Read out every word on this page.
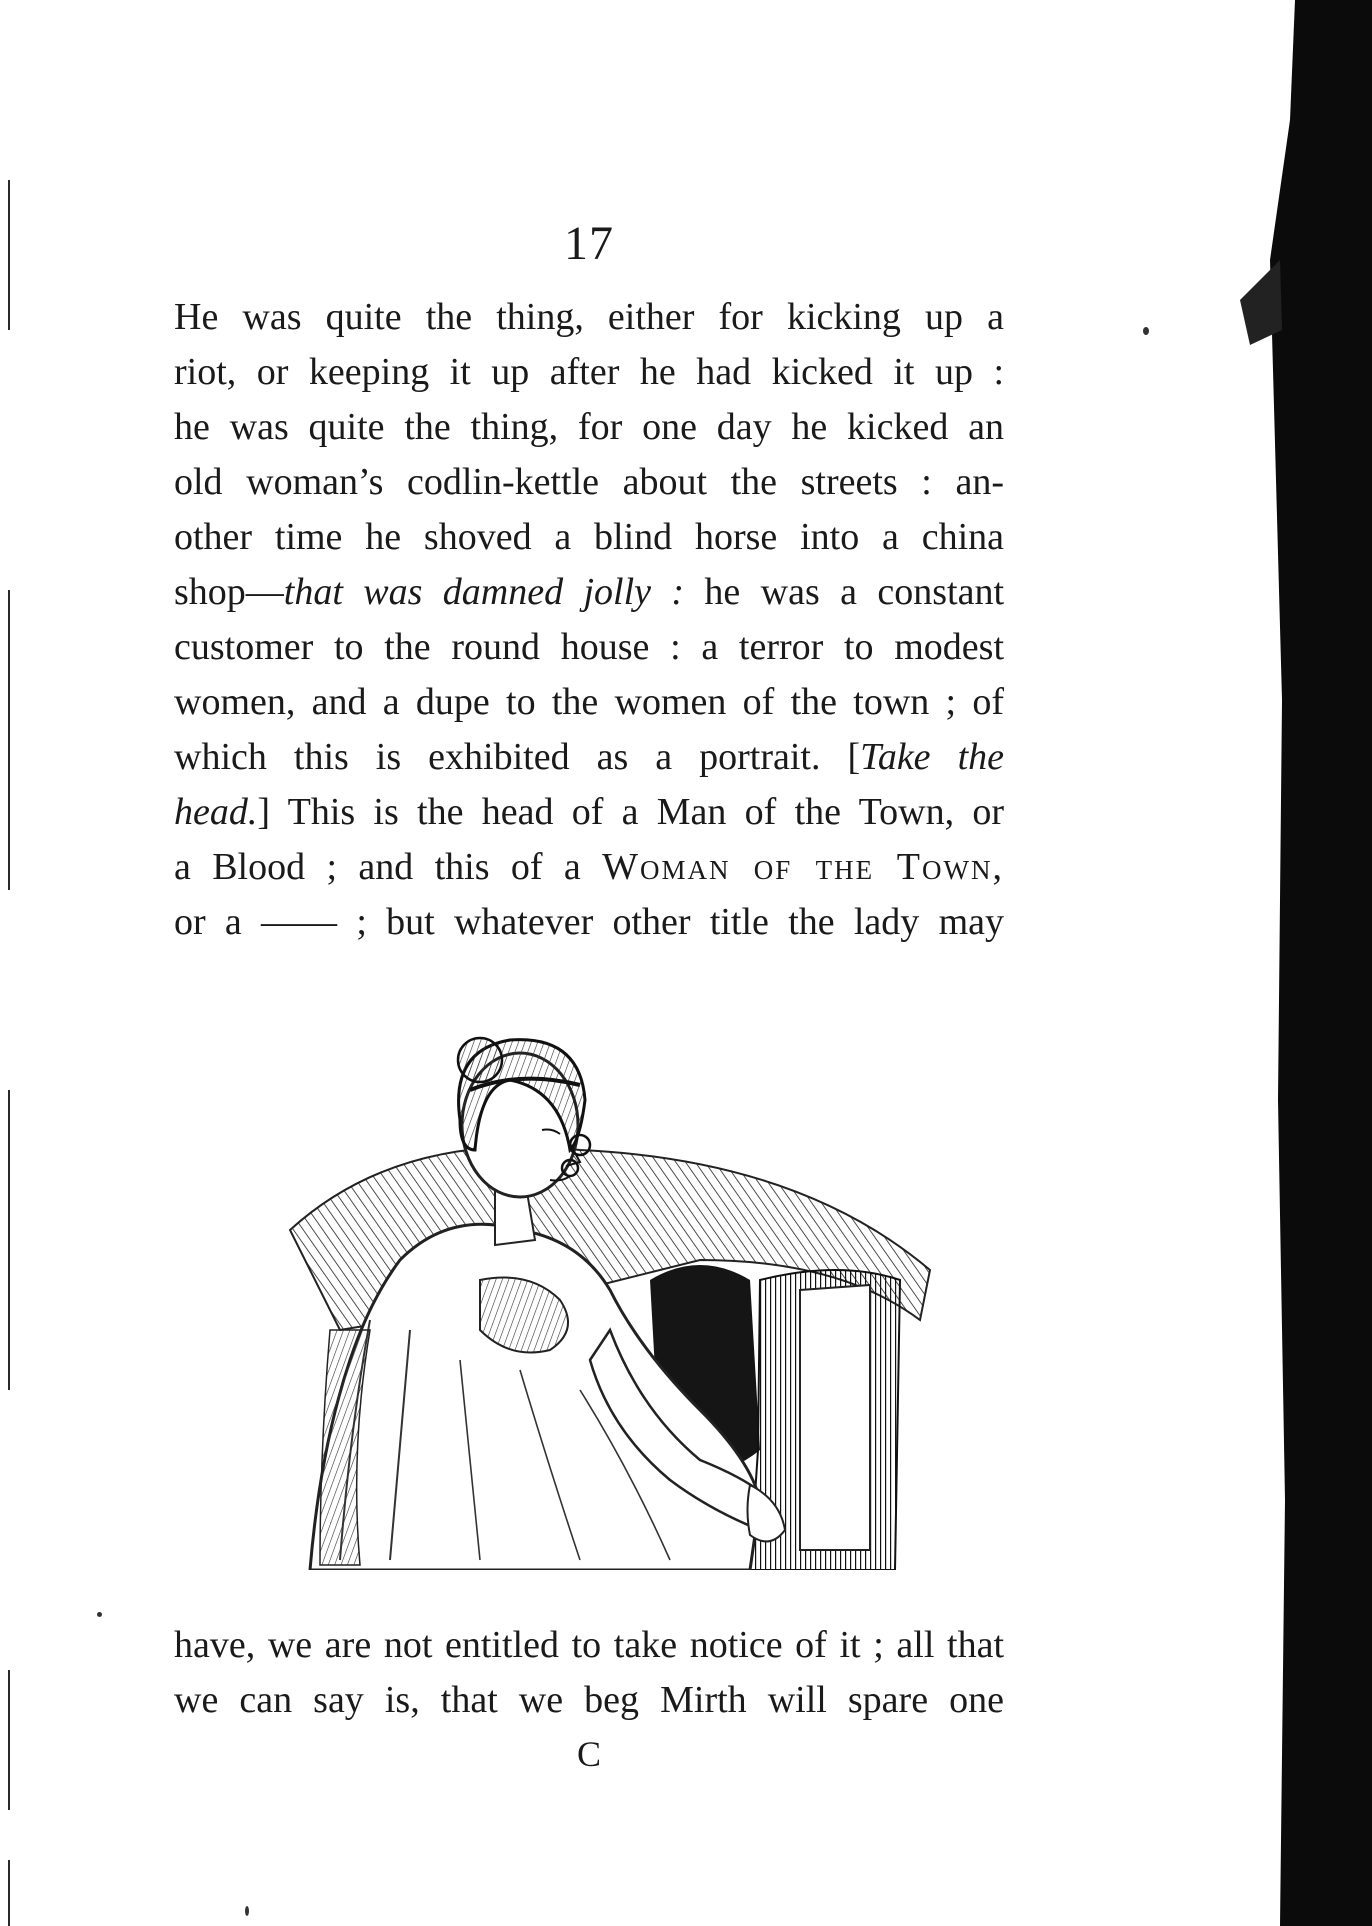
17
He was quite the thing, either for kicking up a
riot, or keeping it up after he had kicked it up :
he was quite the thing, for one day he kicked an
old woman’s codlin-kettle about the streets : an-
other time he shoved a blind horse into a china
shop—that was damned jolly : he was a constant
customer to the round house : a terror to modest
women, and a dupe to the women of the town ; of
which this is exhibited as a portrait. [Take the
head.] This is the head of a Man of the Town, or
a Blood ; and this of a Woman of the Town,
or a —— ; but whatever other title the lady may
have, we are not entitled to take notice of it ; all that
we can say is, that we beg Mirth will spare one
C
